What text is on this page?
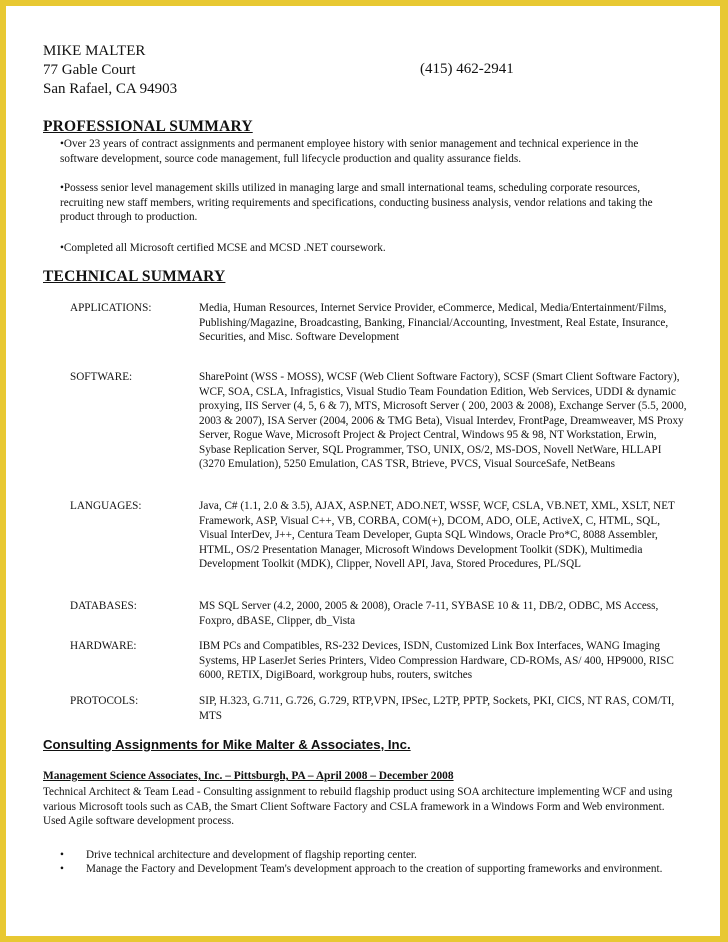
MIKE MALTER
77 Gable Court
San Rafael, CA 94903
(415) 462-2941
PROFESSIONAL SUMMARY
•Over 23 years of contract assignments and permanent employee history with senior management and technical experience in the software development, source code management, full lifecycle production and quality assurance fields.
•Possess senior level management skills utilized in managing large and small international teams, scheduling corporate resources, recruiting new staff members, writing requirements and specifications, conducting business analysis, vendor relations and taking the product through to production.
•Completed all Microsoft certified MCSE and MCSD .NET coursework.
TECHNICAL SUMMARY
APPLICATIONS:	Media, Human Resources, Internet Service Provider, eCommerce, Medical, Media/Entertainment/Films, Publishing/Magazine, Broadcasting, Banking, Financial/Accounting, Investment, Real Estate, Insurance, Securities, and Misc. Software Development
SOFTWARE:	SharePoint (WSS - MOSS), WCSF (Web Client Software Factory), SCSF (Smart Client Software Factory), WCF, SOA, CSLA, Infragistics, Visual Studio Team Foundation Edition, Web Services, UDDI & dynamic proxying, IIS Server (4, 5, 6 & 7), MTS, Microsoft Server ( 200, 2003 & 2008), Exchange Server (5.5, 2000, 2003 & 2007), ISA Server (2004, 2006 & TMG Beta), Visual Interdev, FrontPage, Dreamweaver, MS Proxy Server, Rogue Wave, Microsoft Project & Project Central, Windows 95 & 98, NT Workstation, Erwin, Sybase Replication Server, SQL Programmer, TSO, UNIX, OS/2, MS-DOS, Novell NetWare, HLLAPI (3270 Emulation), 5250 Emulation, CAS TSR, Btrieve, PVCS, Visual SourceSafe, NetBeans
LANGUAGES:	Java, C# (1.1, 2.0 & 3.5), AJAX, ASP.NET, ADO.NET, WSSF, WCF, CSLA, VB.NET, XML, XSLT, NET Framework, ASP, Visual C++, VB, CORBA, COM(+), DCOM, ADO, OLE, ActiveX, C, HTML, SQL, Visual InterDev, J++, Centura Team Developer, Gupta SQL Windows, Oracle Pro*C, 8088 Assembler, HTML, OS/2 Presentation Manager, Microsoft Windows Development Toolkit (SDK), Multimedia Development Toolkit (MDK), Clipper, Novell API, Java, Stored Procedures, PL/SQL
DATABASES:	MS SQL Server (4.2, 2000, 2005 & 2008), Oracle 7-11, SYBASE 10 & 11, DB/2, ODBC, MS Access, Foxpro, dBASE, Clipper, db_Vista
HARDWARE:	IBM PCs and Compatibles, RS-232 Devices, ISDN, Customized Link Box Interfaces, WANG Imaging Systems, HP LaserJet Series Printers, Video Compression Hardware, CD-ROMs, AS/ 400, HP9000, RISC 6000, RETIX, DigiBoard, workgroup hubs, routers, switches
PROTOCOLS:	SIP, H.323, G.711, G.726, G.729, RTP,VPN, IPSec, L2TP, PPTP, Sockets, PKI, CICS, NT RAS, COM/TI, MTS
Consulting Assignments for Mike Malter & Associates, Inc.
Management Science Associates, Inc. – Pittsburgh, PA – April 2008 – December 2008
Technical Architect & Team Lead - Consulting assignment to rebuild flagship product using SOA architecture implementing WCF and using various Microsoft tools such as CAB, the Smart Client Software Factory and CSLA framework in a Windows Form and Web environment. Used Agile software development process.
• Drive technical architecture and development of flagship reporting center.
• Manage the Factory and Development Team's development approach to the creation of supporting frameworks and environment.
